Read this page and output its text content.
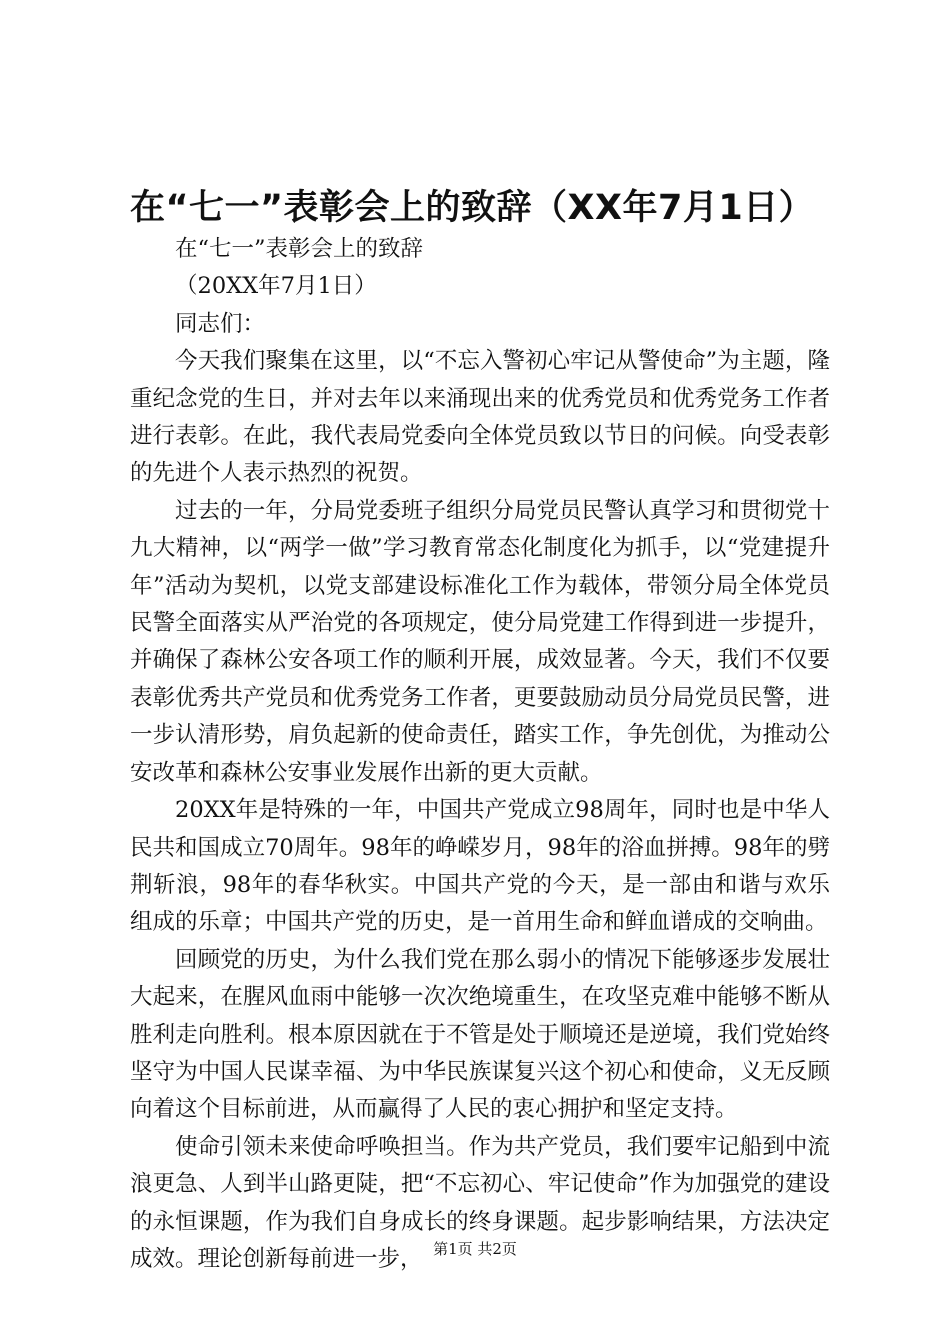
在“七一”表彰会上的致辞（XX年7月1日）

在“七一”表彰会上的致辞

（20XX年7月1日）

同志们：

今天我们聚集在这里，以“不忘入警初心牢记从警使命”为主题，隆重纪念党的生日，并对去年以来涌现出来的优秀党员和优秀党务工作者进行表彰。在此，我代表局党委向全体党员致以节日的问候。向受表彰的先进个人表示热烈的祝贺。

过去的一年，分局党委班子组织分局党员民警认真学习和贯彻党十九大精神，以“两学一做”学习教育常态化制度化为抓手，以“党建提升年”活动为契机，以党支部建设标准化工作为载体，带领分局全体党员民警全面落实从严治党的各项规定，使分局党建工作得到进一步提升，并确保了森林公安各项工作的顺利开展，成效显著。今天，我们不仅要表彰优秀共产党员和优秀党务工作者，更要鼓励动员分局党员民警，进一步认清形势，肩负起新的使命责任，踏实工作，争先创优，为推动公安改革和森林公安事业发展作出新的更大贡献。

20XX年是特殊的一年，中国共产党成立98周年，同时也是中华人民共和国成立70周年。98年的峥嵘岁月，98年的浴血拼搏。98年的劈荆斩浪，98年的春华秋实。中国共产党的今天，是一部由和谐与欢乐组成的乐章；中国共产党的历史，是一首用生命和鲜血谱成的交响曲。

回顾党的历史，为什么我们党在那么弱小的情况下能够逐步发展壮大起来，在腥风血雨中能够一次次绝境重生，在攻坚克难中能够不断从胜利走向胜利。根本原因就在于不管是处于顺境还是逆境，我们党始终坚守为中国人民谋幸福、为中华民族谋复兴这个初心和使命，义无反顾向着这个目标前进，从而赢得了人民的衷心拥护和坚定支持。

使命引领未来使命呼唤担当。作为共产党员，我们要牢记船到中流浪更急、人到半山路更陡，把“不忘初心、牢记使命”作为加强党的建设的永恒课题，作为我们自身成长的终身课题。起步影响结果，方法决定成效。理论创新每前进一步， 第1页 共2页
